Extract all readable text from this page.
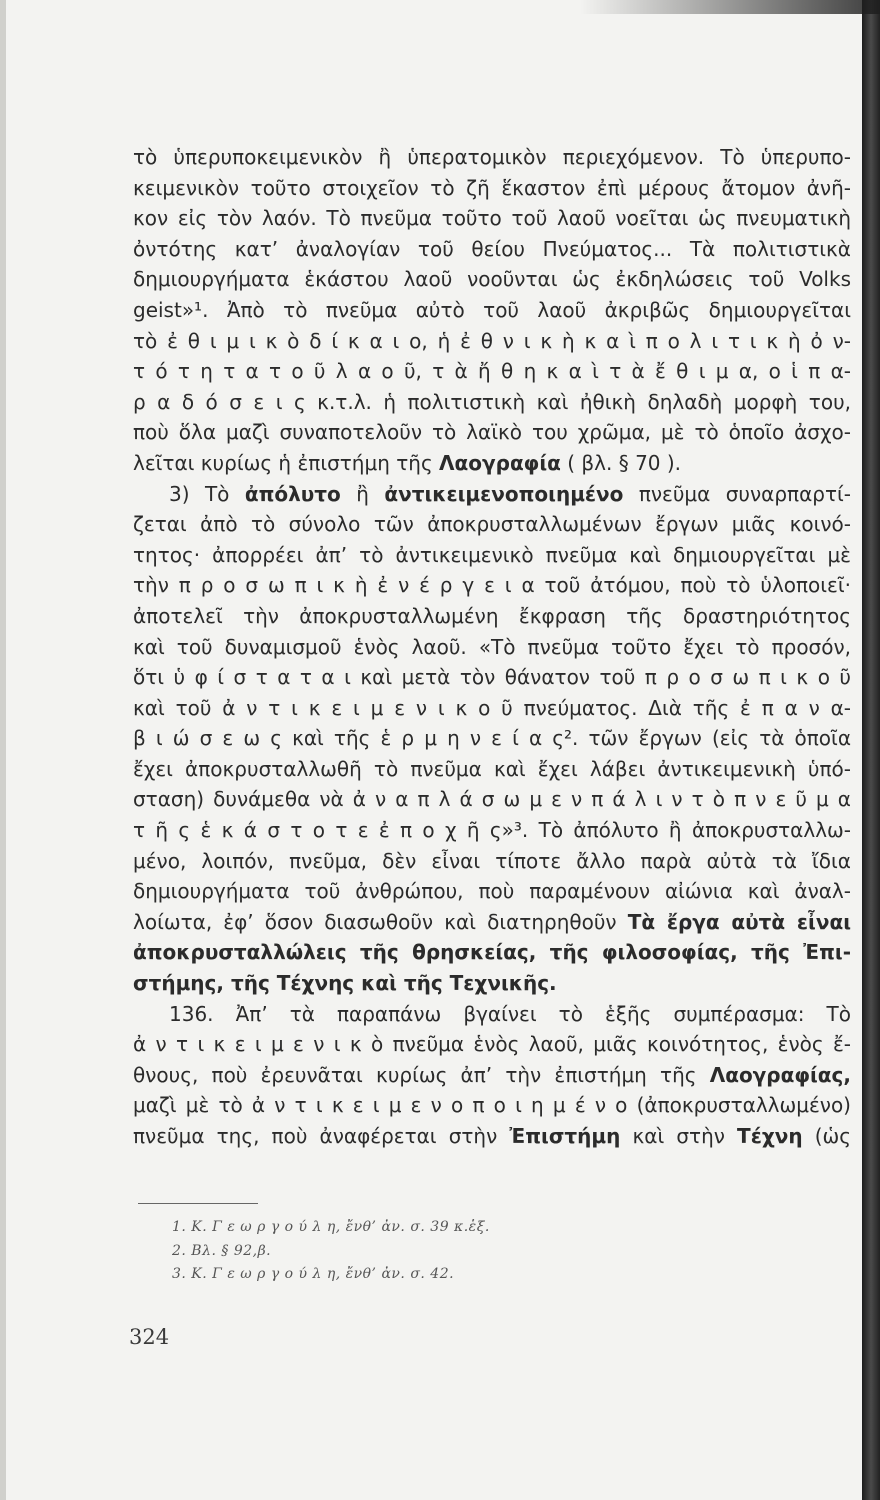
τὸ ὑπερυποκειμενικὸν ἢ ὑπερατομικὸν περιεχόμενον. Τὸ ὑπερυπο-
κειμενικὸν τοῦτο στοιχεῖον τὸ ζῆ ἕκαστον ἐπὶ μέρους ἄτομον ἀνῆ-
κον εἰς τὸν λαόν. Τὸ πνεῦμα τοῦτο τοῦ λαοῦ νοεῖται ὡς πνευματικὴ
ὀντότης κατ’ ἀναλογίαν τοῦ θείου Πνεύματος... Τὰ πολιτιστικὰ
δημιουργήματα ἑκάστου λαοῦ νοοῦνται ὡς ἐκδηλώσεις τοῦ Volks
geist»¹. Ἀπὸ τὸ πνεῦμα αὐτὸ τοῦ λαοῦ ἀκριβῶς δημιουργεῖται
τὸ ἐ θ ι μ ι κ ὸ δ ί κ α ι ο, ἡ ἐ θ ν ι κ ὴ κ α ὶ π ο λ ι τ ι κ ὴ ὀ ν-
τ ό τ η τ α τ ο ῦ λ α ο ῦ, τ ὰ ἤ θ η κ α ὶ τ ὰ ἔ θ ι μ α, ο ἱ π α-
ρ α δ ό σ ε ι ς κ.τ.λ. ἡ πολιτιστικὴ καὶ ἠθικὴ δηλαδὴ μορφὴ του,
ποὺ ὅλα μαζὶ συναποτελοῦν τὸ λαϊκὸ του χρῶμα, μὲ τὸ ὁποῖο ἀσχο-
λεῖται κυρίως ἡ ἐπιστήμη τῆς Λαογραφία ( βλ. § 70 ).
3) Τὸ ἀπόλυτο ἢ ἀντικειμενοποιημένο πνεῦμα συναρπαρτί-
ζεται ἀπὸ τὸ σύνολο τῶν ἀποκρυσταλλωμένων ἔργων μιᾶς κοινό-
τητος· ἀπορρέει ἀπ’ τὸ ἀντικειμενικὸ πνεῦμα καὶ δημιουργεῖται μὲ
τὴν π ρ ο σ ω π ι κ ὴ ἐ ν έ ρ γ ε ι α τοῦ ἀτόμου, ποὺ τὸ ὑλοποιεῖ·
ἀποτελεῖ τὴν ἀποκρυσταλλωμένη ἔκφραση τῆς δραστηριότητος
καὶ τοῦ δυναμισμοῦ ἑνὸς λαοῦ. «Τὸ πνεῦμα τοῦτο ἔχει τὸ προσόν,
ὅτι ὑ φ ί σ τ α τ α ι καὶ μετὰ τὸν θάνατον τοῦ π ρ ο σ ω π ι κ ο ῦ
καὶ τοῦ ἀ ν τ ι κ ε ι μ ε ν ι κ ο ῦ πνεύματος. Διὰ τῆς ἐ π α ν α-
β ι ώ σ ε ω ς καὶ τῆς ἑ ρ μ η ν ε ί α ς². τῶν ἔργων (εἰς τὰ ὁποῖα
ἔχει ἀποκρυσταλλωθῆ τὸ πνεῦμα καὶ ἔχει λάβει ἀντικειμενικὴ ὑπό-
σταση) δυνάμεθα νὰ ἀ ν α π λ ά σ ω μ ε ν π ά λ ι ν τ ὸ π ν ε ῦ μ α
τ ῆ ς ἑ κ ά σ τ ο τ ε ἐ π ο χ ῆ ς»³. Τὸ ἀπόλυτο ἢ ἀποκρυσταλλω-
μένο, λοιπόν, πνεῦμα, δὲν εἶναι τίποτε ἄλλο παρὰ αὐτὰ τὰ ἴδια
δημιουργήματα τοῦ ἀνθρώπου, ποὺ παραμένουν αἰώνια καὶ ἀναλ-
λοίωτα, ἐφ’ ὅσον διασωθοῦν καὶ διατηρηθοῦν Τὰ ἔργα αὐτὰ εἶναι
ἀποκρυσταλλώλεις τῆς θρησκείας, τῆς φιλοσοφίας, τῆς Ἐπι-
στήμης, τῆς Τέχνης καὶ τῆς Τεχνικῆς.
136. Ἀπ’ τὰ παραπάνω βγαίνει τὸ ἑξῆς συμπέρασμα: Τὸ
ἀ ν τ ι κ ε ι μ ε ν ι κ ὸ πνεῦμα ἑνὸς λαοῦ, μιᾶς κοινότητος, ἑνὸς ἔ-
θνους, ποὺ ἐρευνᾶται κυρίως ἀπ’ τὴν ἐπιστήμη τῆς Λαογραφίας,
μαζὶ μὲ τὸ ἀ ν τ ι κ ε ι μ ε ν ο π ο ι η μ έ ν ο (ἀποκρυσταλλωμένο)
πνεῦμα της, ποὺ ἀναφέρεται στὴν Ἐπιστήμη καὶ στὴν Τέχνη (ὡς
1. Κ. Γ ε ω ρ γ ο ύ λ η, ἔνθ’ ἀν. σ. 39 κ.ἑξ.
2. Βλ. § 92,β.
3. Κ. Γ ε ω ρ γ ο ύ λ η, ἔνθ’ ἀν. σ. 42.
324
